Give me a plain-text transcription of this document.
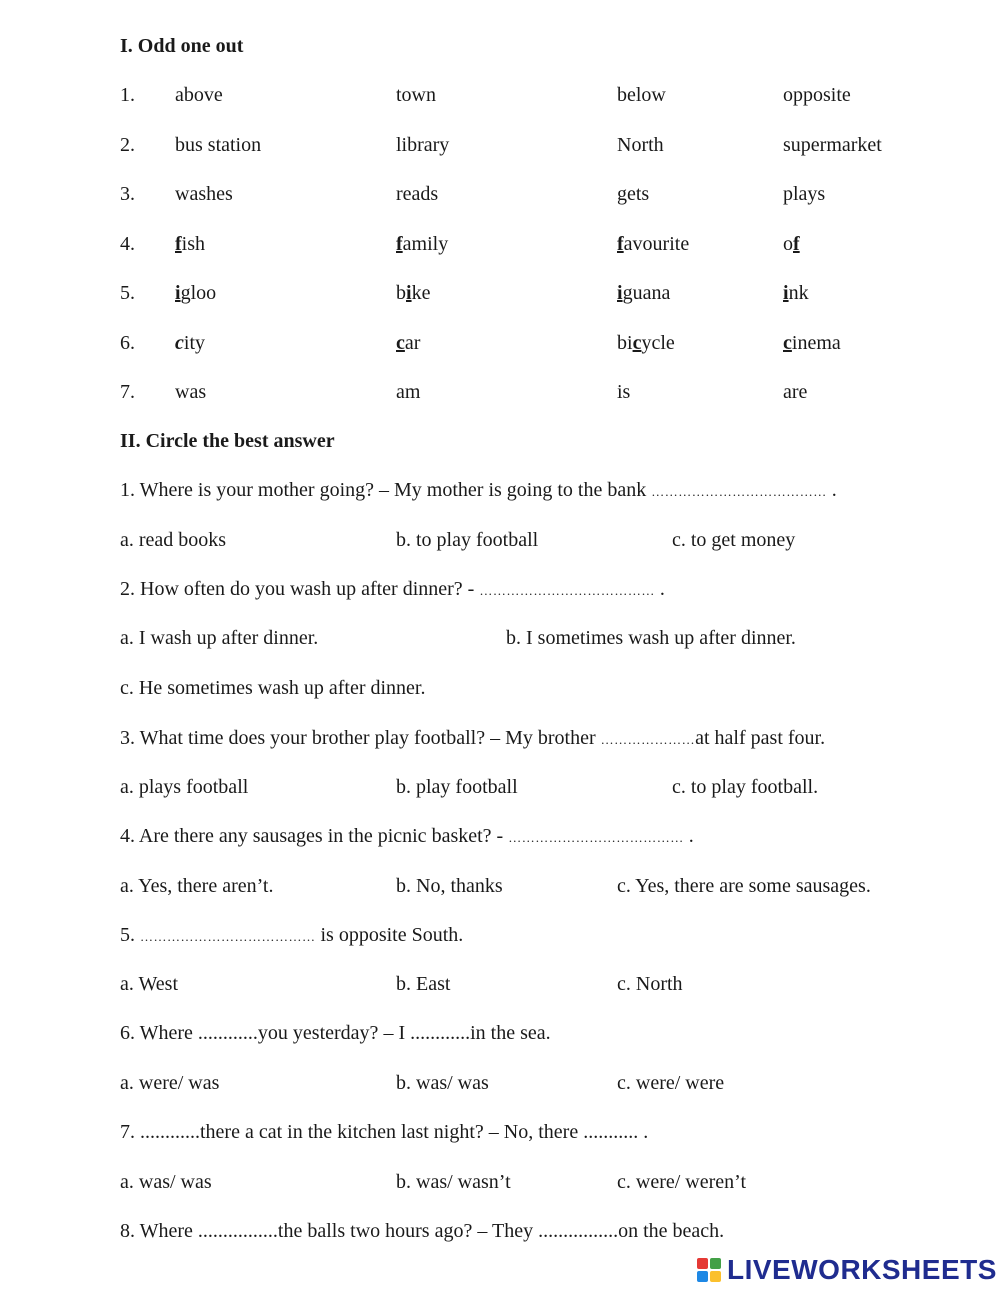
I. Odd one out
1. above	town	below	opposite
2. bus station	library	North	supermarket
3. washes	reads	gets	plays
4. fish	family	favourite	of
5. igloo	bike	iguana	ink
6. city	car	bicycle	cinema
7. was	am	is	are
II. Circle the best answer
1. Where is your mother going? – My mother is going to the bank ………………………………… .
a. read books	b. to play football	c. to get money
2. How often do you wash up after dinner? - ………………………………… .
a. I wash up after dinner.	b. I sometimes wash up after dinner.
c. He sometimes wash up after dinner.
3. What time does your brother play football? – My brother …………………at half past four.
a. plays football	b. play football	c. to play football.
4. Are there any sausages in the picnic basket? - ………………………………… .
a. Yes, there aren’t.	b. No, thanks	c. Yes, there are some sausages.
5. ………………………………… is opposite South.
a. West	b. East	c. North
6. Where ............you yesterday? – I ............in the sea.
a. were/ was	b. was/ was	c. were/ were
7. ............there a cat in the kitchen last night? – No, there ........... .
a. was/ was	b. was/ wasn’t	c. were/ weren’t
8. Where ................the balls two hours ago? – They ................on the beach.
LIVEWORKSHEETS
